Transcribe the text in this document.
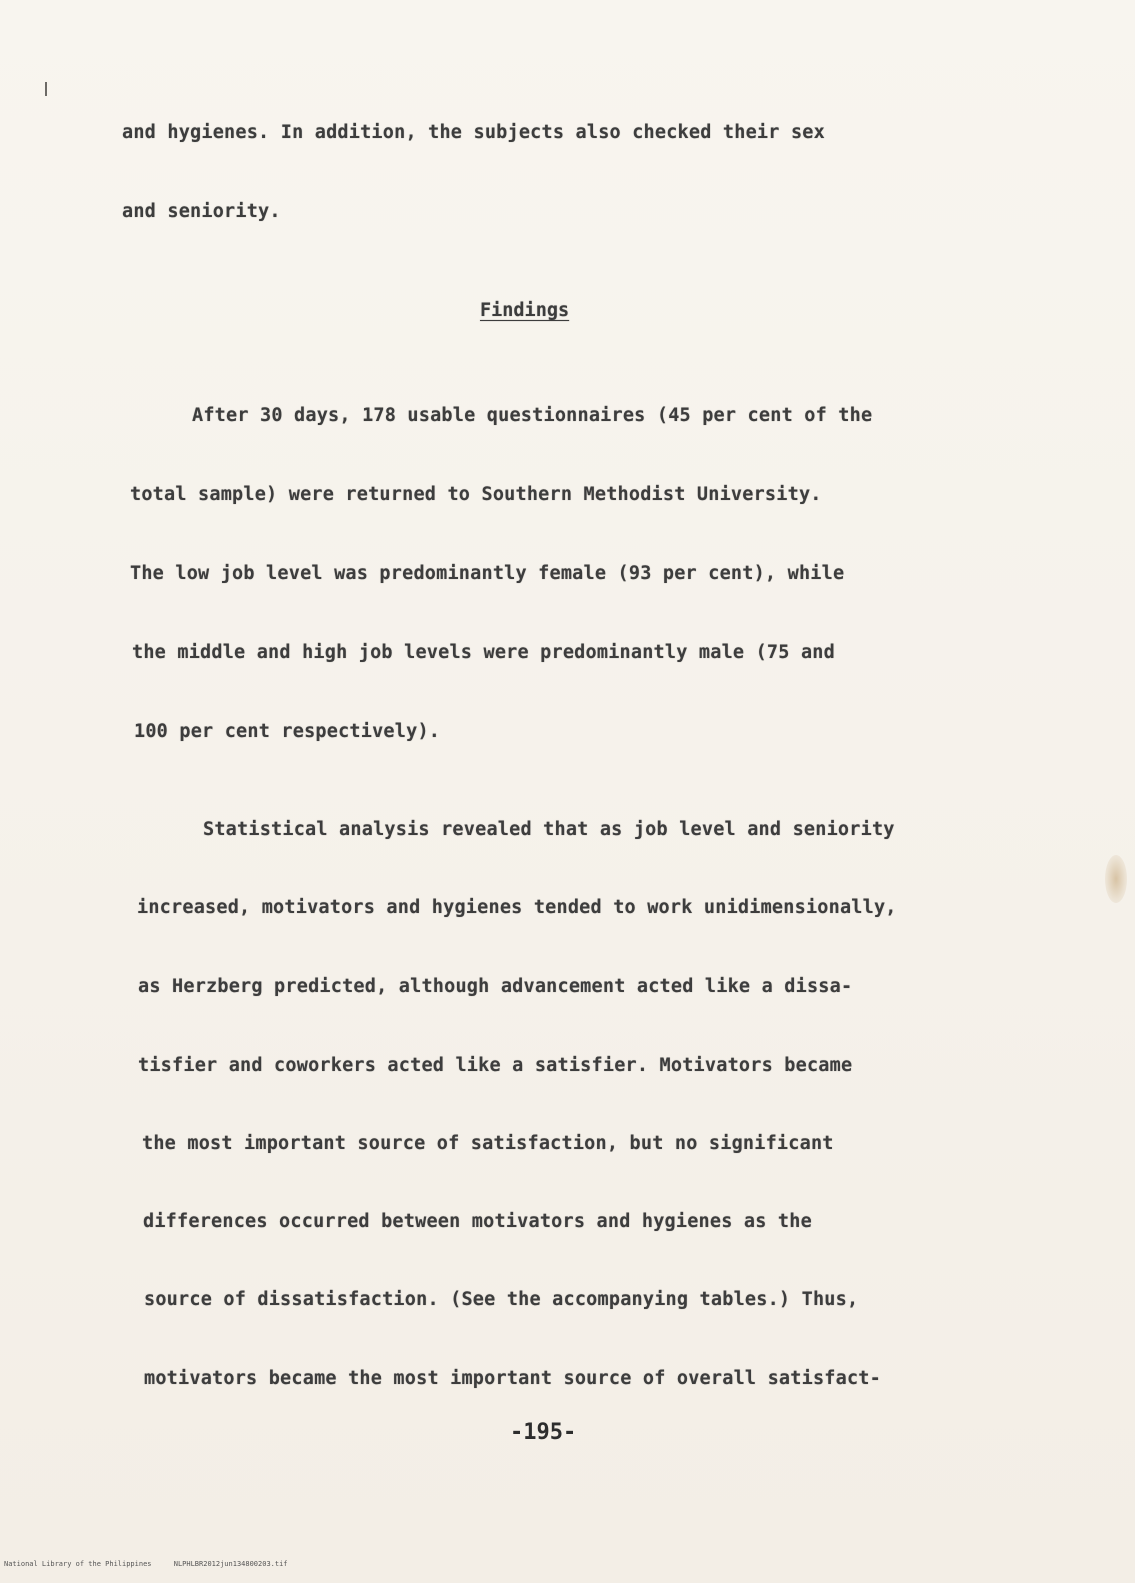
and hygienes. In addition, the subjects also checked their sex
and seniority.
Findings
After 30 days, 178 usable questionnaires (45 per cent of the
total sample) were returned to Southern Methodist University.
The low job level was predominantly female (93 per cent), while
the middle and high job levels were predominantly male (75 and
100 per cent respectively).
Statistical analysis revealed that as job level and seniority
increased, motivators and hygienes tended to work unidimensionally,
as Herzberg predicted, although advancement acted like a dissa-
tisfier and coworkers acted like a satisfier. Motivators became
the most important source of satisfaction, but no significant
differences occurred between motivators and hygienes as the
source of dissatisfaction. (See the accompanying tables.) Thus,
motivators became the most important source of overall satisfact-
-195-
National Library of the Philippines	NLPHLBR2012jun134800203.tif
